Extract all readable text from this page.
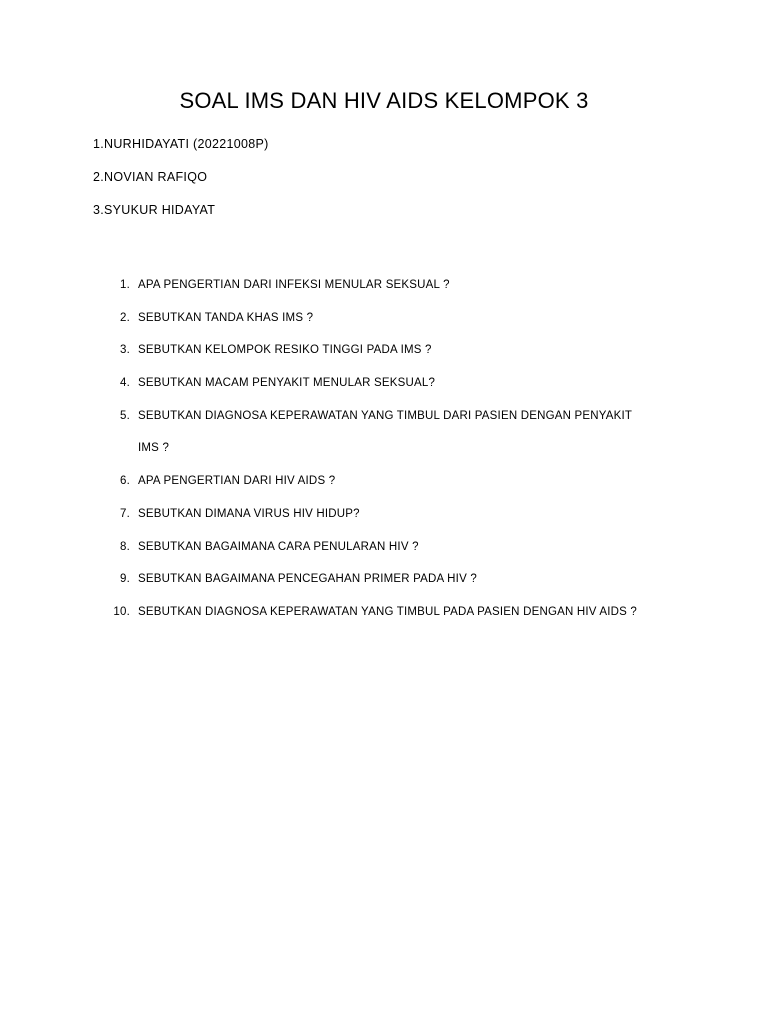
SOAL IMS DAN HIV AIDS KELOMPOK 3
1.NURHIDAYATI (20221008P)
2.NOVIAN RAFIQO
3.SYUKUR HIDAYAT
1. APA PENGERTIAN DARI INFEKSI MENULAR SEKSUAL ?
2. SEBUTKAN TANDA KHAS IMS ?
3. SEBUTKAN KELOMPOK RESIKO TINGGI PADA IMS ?
4. SEBUTKAN MACAM PENYAKIT MENULAR SEKSUAL?
5. SEBUTKAN DIAGNOSA KEPERAWATAN YANG TIMBUL DARI PASIEN DENGAN PENYAKIT
IMS ?
6. APA PENGERTIAN DARI HIV AIDS ?
7. SEBUTKAN DIMANA VIRUS HIV HIDUP?
8. SEBUTKAN BAGAIMANA CARA PENULARAN HIV ?
9. SEBUTKAN BAGAIMANA PENCEGAHAN PRIMER PADA HIV ?
10. SEBUTKAN DIAGNOSA KEPERAWATAN YANG TIMBUL PADA PASIEN DENGAN HIV AIDS ?
